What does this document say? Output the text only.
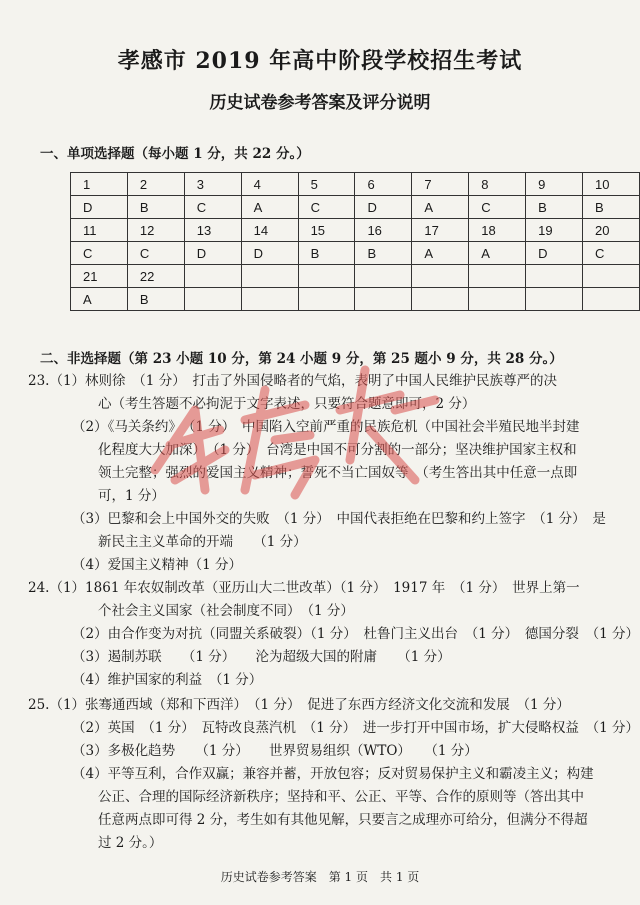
孝感市 2019 年高中阶段学校招生考试
历史试卷参考答案及评分说明
一、单项选择题（每小题 1 分，共 22 分。）
1	2	3	4	5	6	7	8	9	10
D	B	C	A	C	D	A	C	B	B
11	12	13	14	15	16	17	18	19	20
C	C	D	D	B	B	A	A	D	C
21	22								
A	B								
二、非选择题（第 23 小题 10 分，第 24 小题 9 分，第 25 题小 9 分，共 28 分。）
23.（1）林则徐　（1 分）　打击了外国侵略者的气焰，表明了中国人民维护民族尊严的决
心（考生答题不必拘泥于文字表述，只要符合题意即可，2 分）
（2）《马关条约》　（1 分）　中国陷入空前严重的民族危机（中国社会半殖民地半封建
化程度大大加深）　（1 分）　台湾是中国不可分割的一部分；坚决维护国家主权和
领土完整；强烈的爱国主义精神；誓死不当亡国奴等　（考生答出其中任意一点即
可，1 分）
（3）巴黎和会上中国外交的失败　（1 分）　中国代表拒绝在巴黎和约上签字　（1 分）　是
新民主主义革命的开端　　（1 分）
（4）爱国主义精神（1 分）
24.（1）1861 年农奴制改革（亚历山大二世改革）（1 分）　1917 年　（1 分）　世界上第一
个社会主义国家（社会制度不同）　（1 分）
（2）由合作变为对抗（同盟关系破裂）（1 分）　杜鲁门主义出台　（1 分）　德国分裂　（1 分）
（3）遏制苏联　　（1 分）　　沦为超级大国的附庸　　（1 分）
（4）维护国家的利益　（1 分）
25.（1）张骞通西域（郑和下西洋）　（1 分）　促进了东西方经济文化交流和发展　（1 分）
（2）英国　（1 分）　瓦特改良蒸汽机　（1 分）　进一步打开中国市场，扩大侵略权益　（1 分）
（3）多极化趋势　　（1 分）　　世界贸易组织（WTO）　　（1 分）
（4）平等互利，合作双赢；兼容并蓄，开放包容；反对贸易保护主义和霸凌主义；构建
公正、合理的国际经济新秩序；坚持和平、公正、平等、合作的原则等（答出其中
任意两点即可得 2 分，考生如有其他见解，只要言之成理亦可给分，但满分不得超
过 2 分。）
历史试卷参考答案　第 1 页　共 1 页
